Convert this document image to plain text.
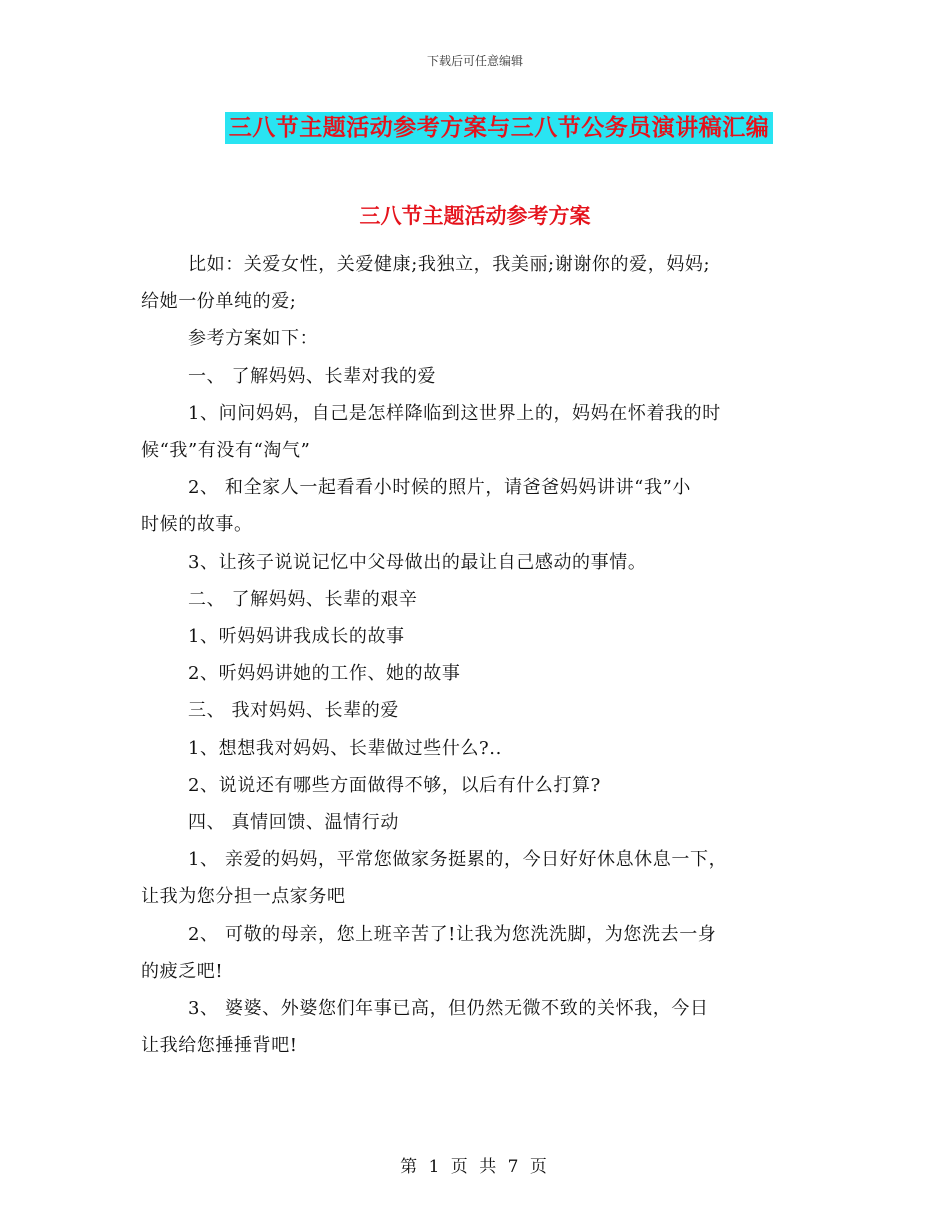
下载后可任意编辑
三八节主题活动参考方案与三八节公务员演讲稿汇编
三八节主题活动参考方案
比如：关爱女性，关爱健康;我独立，我美丽;谢谢你的爱，妈妈;
给她一份单纯的爱;
参考方案如下：
一、 了解妈妈、长辈对我的爱
1、问问妈妈，自己是怎样降临到这世界上的，妈妈在怀着我的时
候“我”有没有“淘气”
2、 和全家人一起看看小时候的照片，请爸爸妈妈讲讲“我”小
时候的故事。
3、让孩子说说记忆中父母做出的最让自己感动的事情。
二、 了解妈妈、长辈的艰辛
1、听妈妈讲我成长的故事
2、听妈妈讲她的工作、她的故事
三、 我对妈妈、长辈的爱
1、想想我对妈妈、长辈做过些什么?..
2、说说还有哪些方面做得不够，以后有什么打算?
四、 真情回馈、温情行动
1、 亲爱的妈妈，平常您做家务挺累的，今日好好休息休息一下，
让我为您分担一点家务吧
2、 可敬的母亲，您上班辛苦了!让我为您洗洗脚，为您洗去一身
的疲乏吧!
3、 婆婆、外婆您们年事已高，但仍然无微不致的关怀我，今日
让我给您捶捶背吧!
第 1 页 共 7 页
